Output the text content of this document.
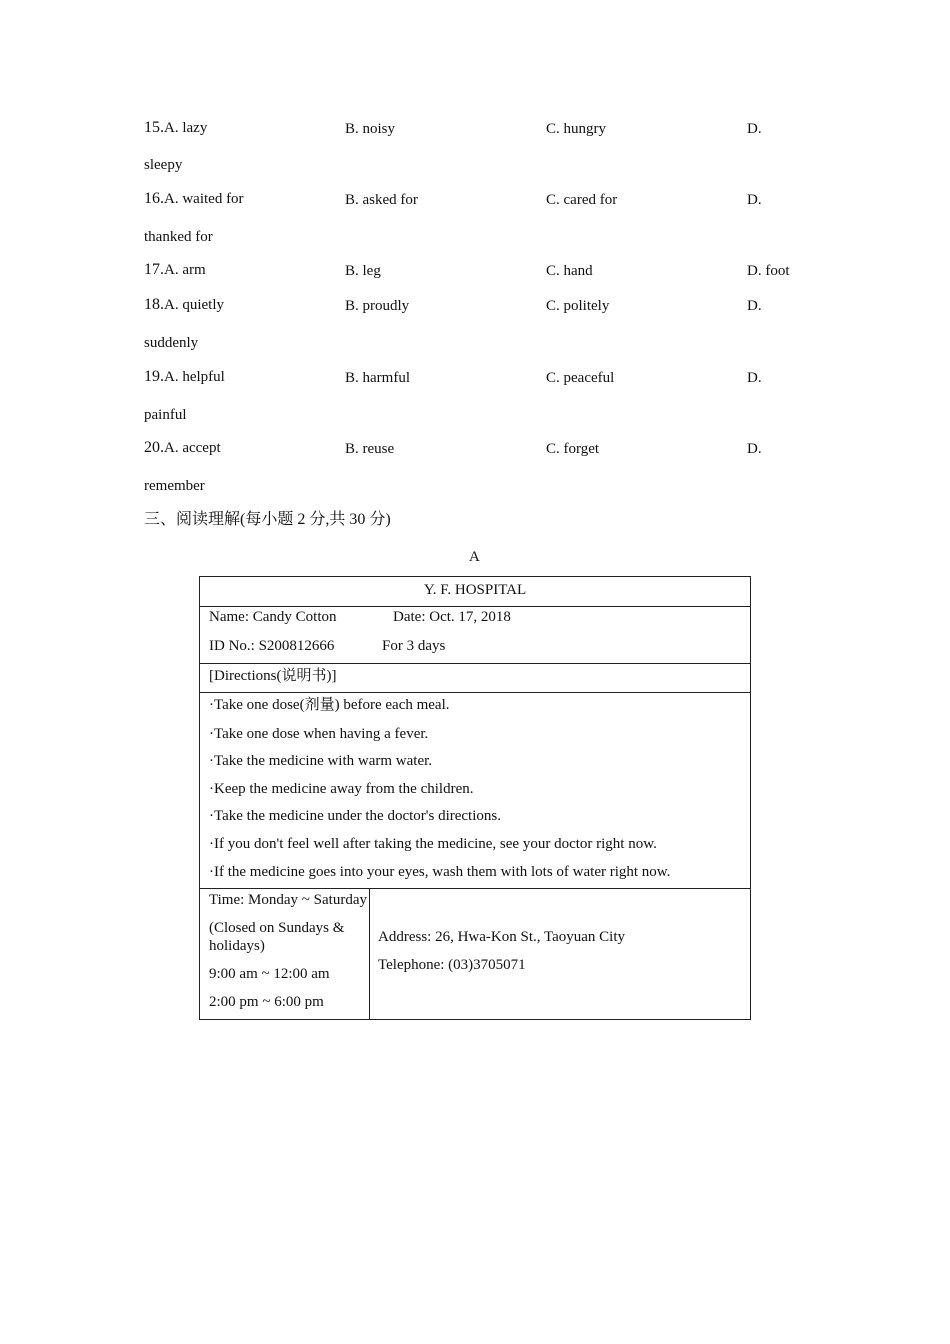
15.A. lazy	B. noisy	C. hungry	D.
sleepy
16.A. waited for	B. asked for	C. cared for	D.
thanked for
17.A. arm	B. leg	C. hand	D. foot
18.A. quietly	B. proudly	C. politely	D.
suddenly
19.A. helpful	B. harmful	C. peaceful	D.
painful
20.A. accept	B. reuse	C. forget	D.
remember
三、阅读理解(每小题 2 分,共 30 分)
A
Y. F. HOSPITAL
Name: Candy Cotton	Date: Oct. 17, 2018
ID No.: S200812666	For 3 days
[Directions(说明书)]
·Take one dose(剂量) before each meal.
·Take one dose when having a fever.
·Take the medicine with warm water.
·Keep the medicine away from the children.
·Take the medicine under the doctor's directions.
·If you don't feel well after taking the medicine, see your doctor right now.
·If the medicine goes into your eyes, wash them with lots of water right now.
Time: Monday ~ Saturday
(Closed on Sundays &
holidays)
9:00 am ~ 12:00 am
2:00 pm ~ 6:00 pm
Address: 26, Hwa-Kon St., Taoyuan City
Telephone: (03)3705071
